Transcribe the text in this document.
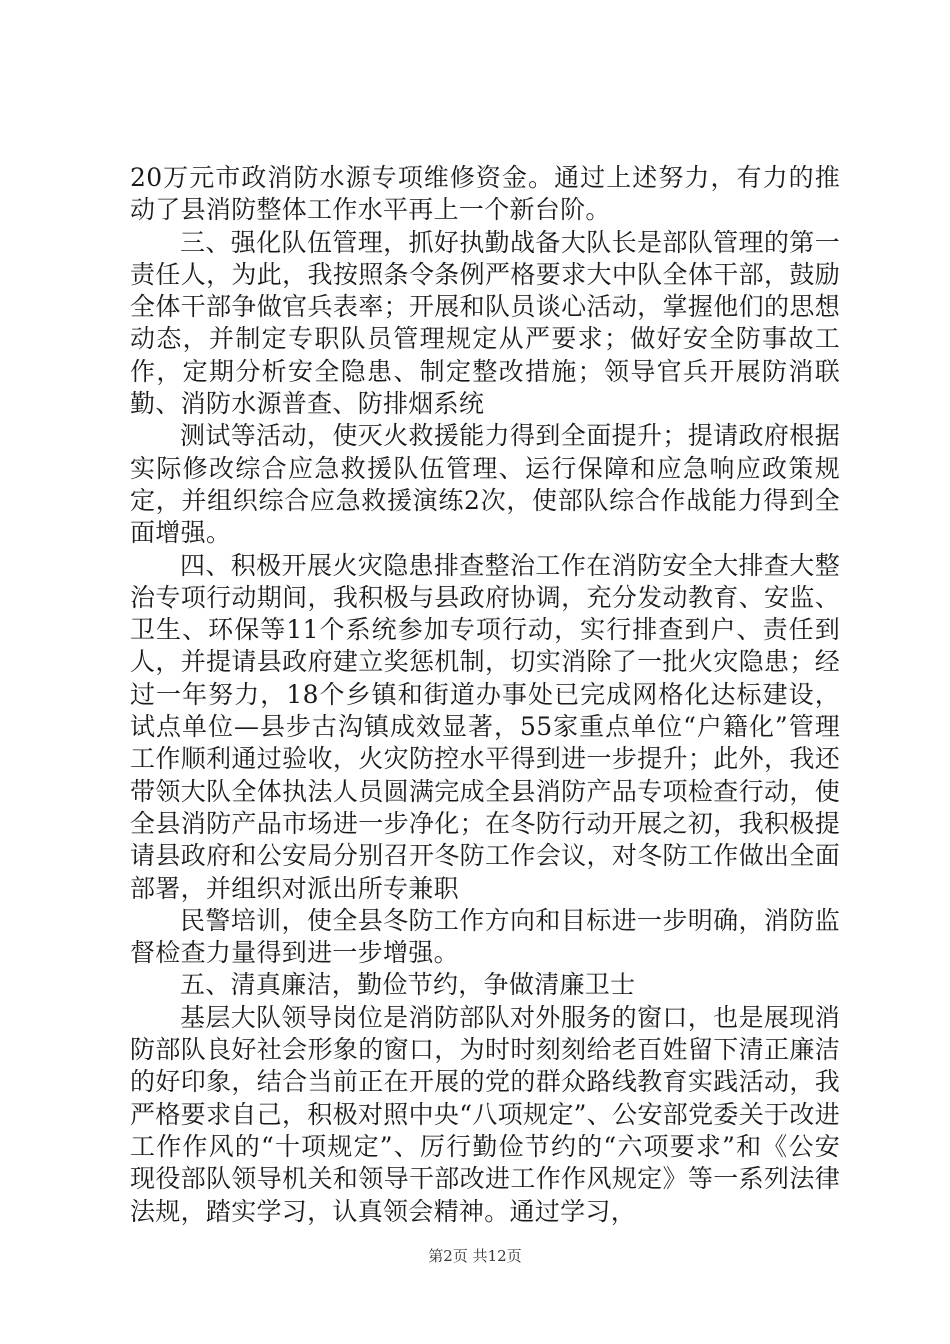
20万元市政消防水源专项维修资金。通过上述努力，有力的推动了县消防整体工作水平再上一个新台阶。

三、强化队伍管理，抓好执勤战备大队长是部队管理的第一责任人，为此，我按照条令条例严格要求大中队全体干部，鼓励全体干部争做官兵表率；开展和队员谈心活动，掌握他们的思想动态，并制定专职队员管理规定从严要求；做好安全防事故工作，定期分析安全隐患、制定整改措施；领导官兵开展防消联勤、消防水源普查、防排烟系统

测试等活动，使灭火救援能力得到全面提升；提请政府根据实际修改综合应急救援队伍管理、运行保障和应急响应政策规定，并组织综合应急救援演练2次，使部队综合作战能力得到全面增强。

四、积极开展火灾隐患排查整治工作在消防安全大排查大整治专项行动期间，我积极与县政府协调，充分发动教育、安监、卫生、环保等11个系统参加专项行动，实行排查到户、责任到人，并提请县政府建立奖惩机制，切实消除了一批火灾隐患；经过一年努力，18个乡镇和街道办事处已完成网格化达标建设，试点单位—县步古沟镇成效显著，55家重点单位“户籍化”管理工作顺利通过验收，火灾防控水平得到进一步提升；此外，我还带领大队全体执法人员圆满完成全县消防产品专项检查行动，使全县消防产品市场进一步净化；在冬防行动开展之初，我积极提请县政府和公安局分别召开冬防工作会议，对冬防工作做出全面部署，并组织对派出所专兼职

民警培训，使全县冬防工作方向和目标进一步明确，消防监督检查力量得到进一步增强。

五、清真廉洁，勤俭节约，争做清廉卫士

基层大队领导岗位是消防部队对外服务的窗口，也是展现消防部队良好社会形象的窗口，为时时刻刻给老百姓留下清正廉洁的好印象，结合当前正在开展的党的群众路线教育实践活动，我严格要求自己，积极对照中央“八项规定”、公安部党委关于改进工作作风的“十项规定”、厉行勤俭节约的“六项要求”和《公安现役部队领导机关和领导干部改进工作作风规定》等一系列法律法规，踏实学习，认真领会精神。通过学习，

第2页 共12页
